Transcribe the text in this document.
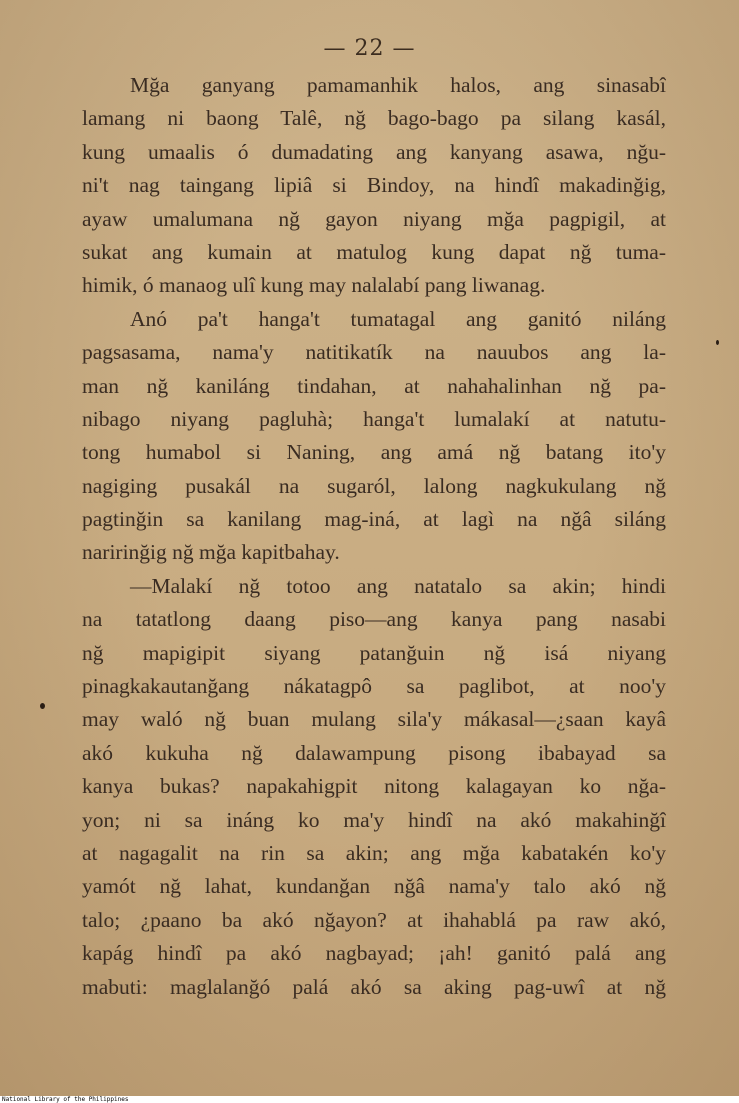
— 22 —
Mğa ganyang pamamanhik halos, ang sinasabî
lamang ni baong Talê, nğ bago-bago pa silang kasál,
kung umaalis ó dumadating ang kanyang asawa, nğu-
ni't nag taingang lipiâ si Bindoy, na hindî makadinğig,
ayaw umalumana nğ gayon niyang mğa pagpigil, at
sukat ang kumain at matulog kung dapat nğ tuma-
himik, ó manaog ulî kung may nalalabí pang liwanag.
Anó pa't hanga't tumatagal ang ganitó niláng
pagsasama, nama'y natitikatík na nauubos ang la-
man nğ kaniláng tindahan, at nahahalinhan nğ pa-
nibago niyang pagluhà; hanga't lumalakí at natutu-
tong humabol si Naning, ang amá nğ batang ito'y
nagiging pusakál na sugaról, lalong nagkukulang nğ
pagtinğin sa kanilang mag-iná, at lagì na nğâ siláng
naririnğig nğ mğa kapitbahay.
—Malakí nğ totoo ang natatalo sa akin; hindi
na tatatlong daang piso—ang kanya pang nasabi
nğ mapigipit siyang patanğuin nğ isá niyang
pinagkakautanğang nákatagpô sa paglibot, at noo'y
may waló nğ buan mulang sila'y mákasal—¿saan kayâ
akó kukuha nğ dalawampung pisong ibabayad sa
kanya bukas? napakahigpit nitong kalagayan ko nğa-
yon; ni sa ináng ko ma'y hindî na akó makahinğî
at nagagalit na rin sa akin; ang mğa kabatakén ko'y
yamót nğ lahat, kundanğan nğâ nama'y talo akó nğ
talo; ¿paano ba akó nğayon? at ihahablá pa raw akó,
kapág hindî pa akó nagbayad; ¡ah! ganitó palá ang
mabuti: maglalanğó palá akó sa aking pag-uwî at nğ
National Library of the Philippines
